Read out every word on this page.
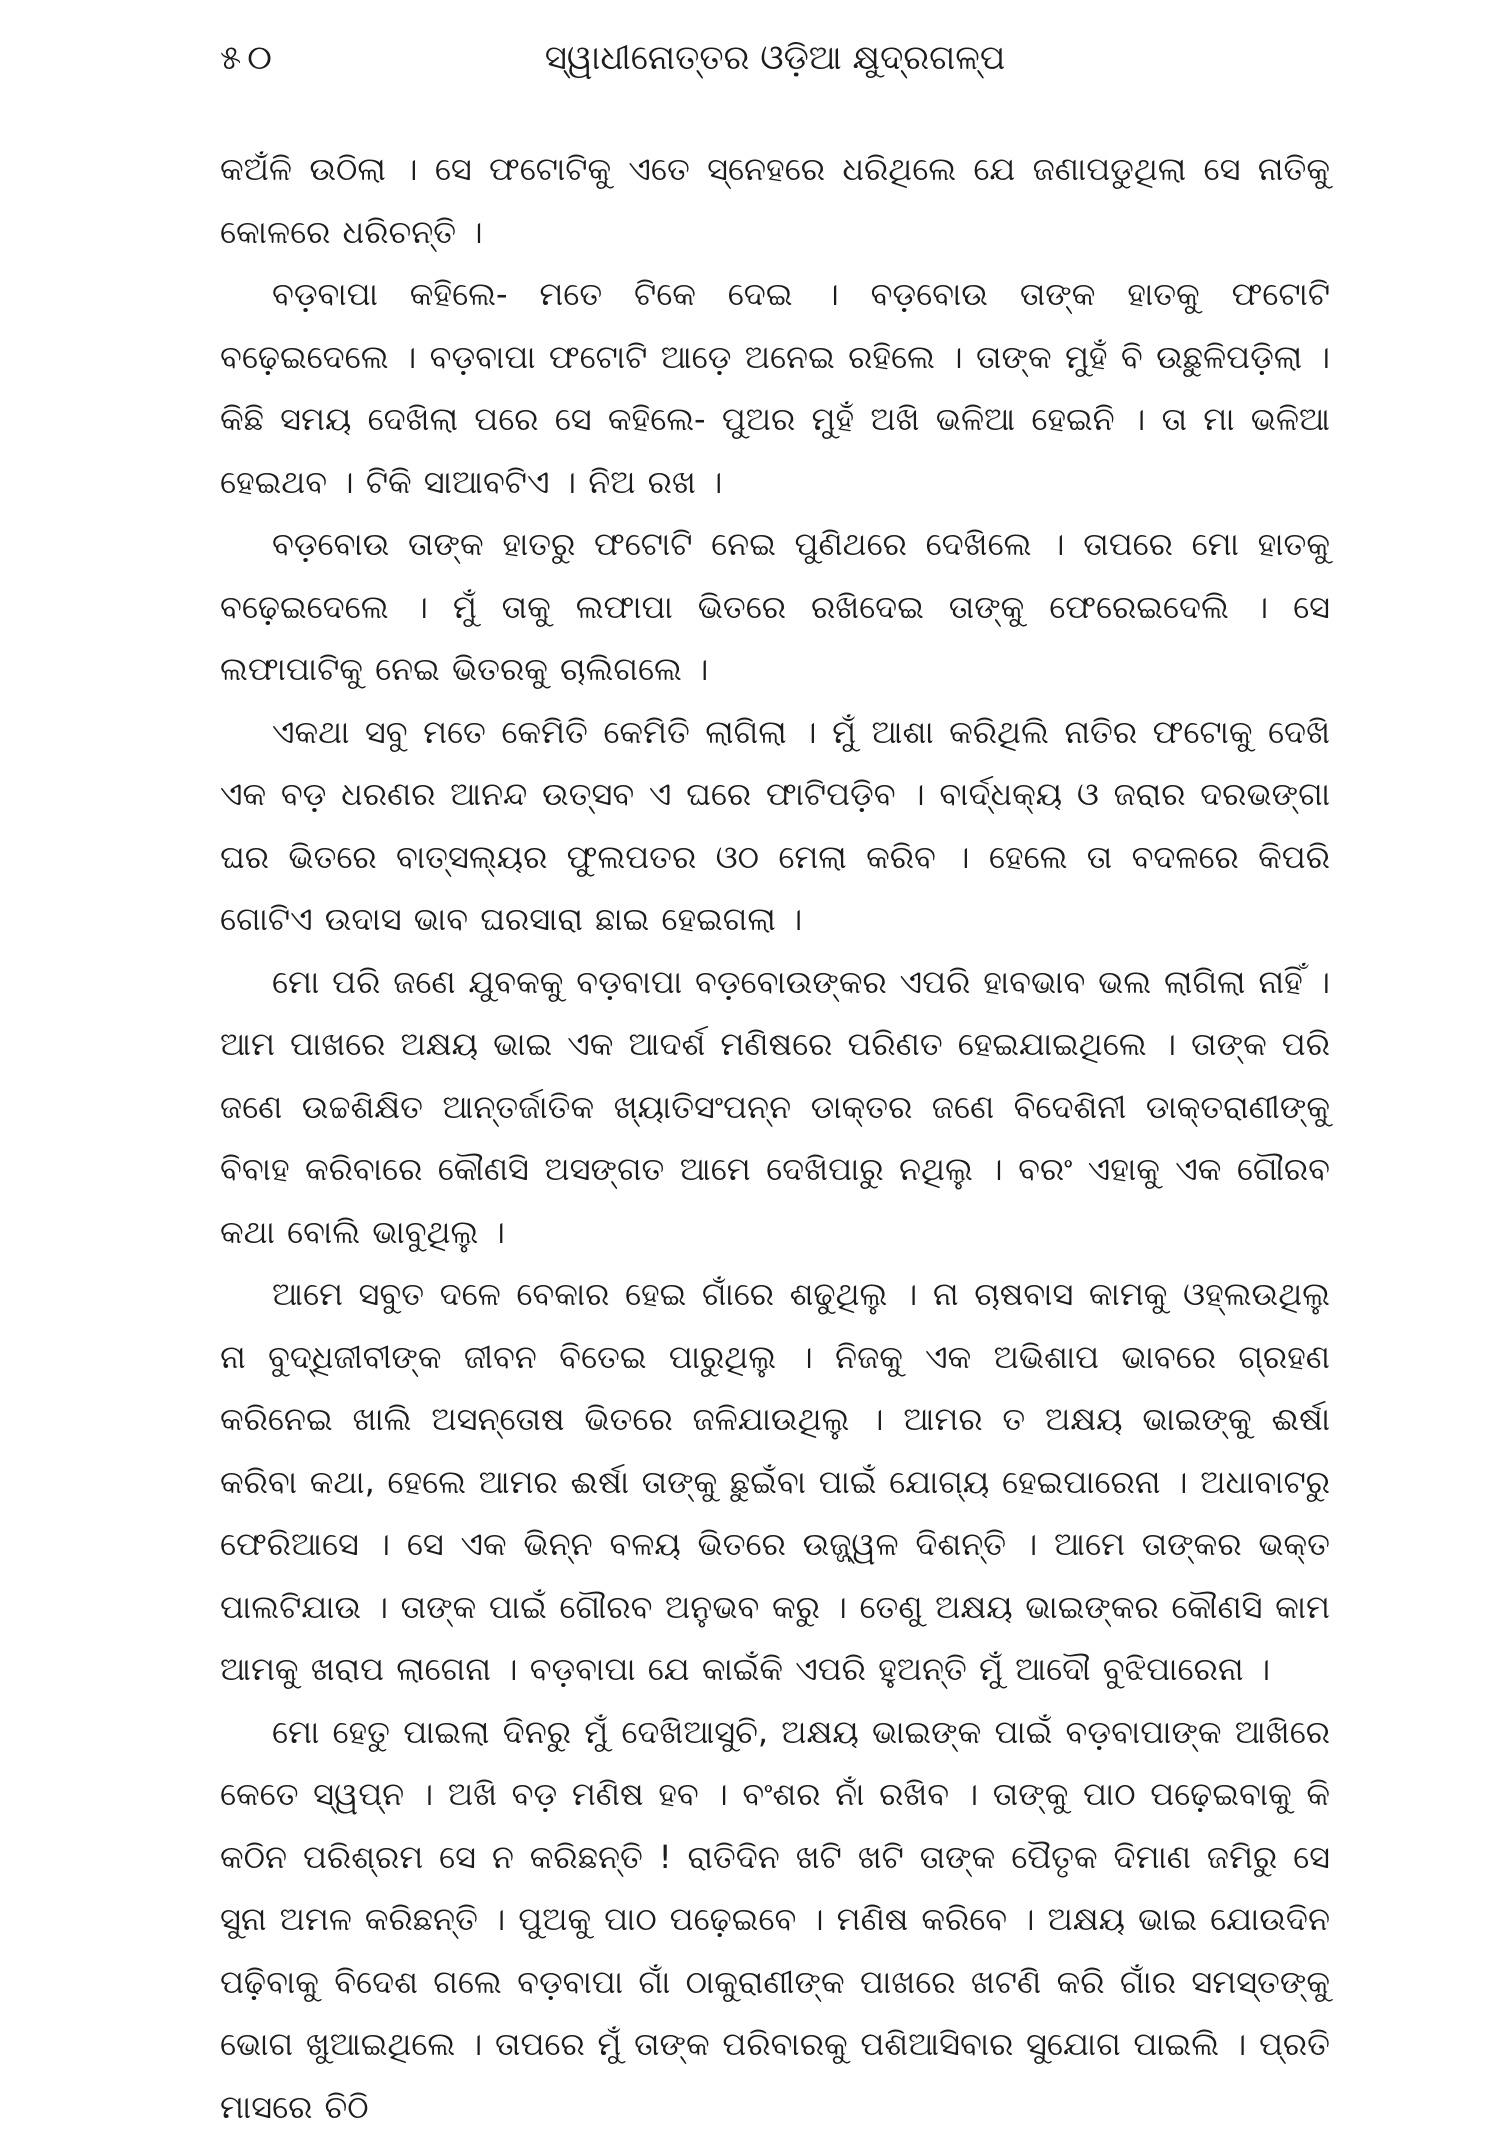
୫୦	ସ୍ୱାଧୀନୋତ୍ତର ଓଡ଼ିଆ କ୍ଷୁଦ୍ରଗଳ୍ପ

କଅଁଳି ଉଠିଲା । ସେ ଫଟୋଟିକୁ ଏତେ ସ୍ନେହରେ ଧରିଥିଲେ ଯେ ଜଣାପଡୁଥିଲା ସେ ନାତିକୁ କୋଳରେ ଧରିଚନ୍ତି ।

ବଡ଼ବାପା କହିଲେ- ମତେ ଟିକେ ଦେଇ । ବଡ଼ବୋଉ ତାଙ୍କ ହାତକୁ ଫଟୋଟି ବଢ଼େଇଦେଲେ । ବଡ଼ବାପା ଫଟୋଟି ଆଡ଼େ ଅନେଇ ରହିଲେ । ତାଙ୍କ ମୁହଁ ବି ଉଛୁଳିପଡ଼ିଲା । କିଛି ସମୟ ଦେଖିଲା ପରେ ସେ କହିଲେ- ପୁଅର ମୁହଁ ଅଖି ଭଳିଆ ହେଇନି । ତା ମା ଭଳିଆ ହେଇଥବ । ଟିକି ସାଆବଟିଏ । ନିଅ ରଖ ।

ବଡ଼ବୋଉ ତାଙ୍କ ହାତରୁ ଫଟୋଟି ନେଇ ପୁଣିଥରେ ଦେଖିଲେ । ତାପରେ ମୋ ହାତକୁ ବଢ଼େଇଦେଲେ । ମୁଁ ତାକୁ ଲଫାପା ଭିତରେ ରଖିଦେଇ ତାଙ୍କୁ ଫେରେଇଦେଲି । ସେ ଲଫାପାଟିକୁ ନେଇ ଭିତରକୁ ଚାଲିଗଲେ ।

ଏକଥା ସବୁ ମତେ କେମିତି କେମିତି ଲାଗିଲା । ମୁଁ ଆଶା କରିଥିଲି ନାତିର ଫଟୋକୁ ଦେଖି ଏକ ବଡ଼ ଧରଣର ଆନନ୍ଦ ଉତ୍ସବ ଏ ଘରେ ଫାଟିପଡ଼ିବ । ବାର୍ଦ୍ଧକ୍ୟ ଓ ଜରାର ଦରଭଙ୍ଗା ଘର ଭିତରେ ବାତ୍ସଲ୍ୟର ଫୁଲପତର ଓଠ ମେଲା କରିବ । ହେଲେ ତା ବଦଳରେ କିପରି ଗୋଟିଏ ଉଦାସ ଭାବ ଘରସାରା ଛାଇ ହେଇଗଲା ।

ମୋ ପରି ଜଣେ ଯୁବକକୁ ବଡ଼ବାପା ବଡ଼ବୋଉଙ୍କର ଏପରି ହାବଭାବ ଭଲ ଲାଗିଲା ନାହିଁ । ଆମ ପାଖରେ ଅକ୍ଷୟ ଭାଇ ଏକ ଆଦର୍ଶ ମଣିଷରେ ପରିଣତ ହେଇଯାଇଥିଲେ । ତାଙ୍କ ପରି ଜଣେ ଉଚ୍ଚଶିକ୍ଷିତ ଆନ୍ତର୍ଜାତିକ ଖ୍ୟାତିସଂପନ୍ନ ଡାକ୍ତର ଜଣେ ବିଦେଶିନୀ ଡାକ୍ତରାଣୀଙ୍କୁ ବିବାହ କରିବାରେ କୌଣସି ଅସଙ୍ଗତ ଆମେ ଦେଖିପାରୁ ନଥିଲୁ । ବରଂ ଏହାକୁ ଏକ ଗୌରବ କଥା ବୋଲି ଭାବୁଥିଲୁ ।

ଆମେ ସବୁତ ଦଳେ ବେକାର ହେଇ ଗାଁରେ ଶଢୁଥିଲୁ । ନା ଚାଷବାସ କାମକୁ ଓହ୍ଲଉଥିଲୁ ନା ବୁଦ୍ଧିଜୀବୀଙ୍କ ଜୀବନ ବିତେଇ ପାରୁଥିଲୁ । ନିଜକୁ ଏକ ଅଭିଶାପ ଭାବରେ ଗ୍ରହଣ କରିନେଇ ଖାଲି ଅସନ୍ତୋଷ ଭିତରେ ଜଳିଯାଉଥିଲୁ । ଆମର ତ ଅକ୍ଷୟ ଭାଇଙ୍କୁ ଈର୍ଷା କରିବା କଥା, ହେଲେ ଆମର ଈର୍ଷା ତାଙ୍କୁ ଛୁଇଁବା ପାଇଁ ଯୋଗ୍ୟ ହେଇପାରେନା । ଅଧାବାଟରୁ ଫେରିଆସେ । ସେ ଏକ ଭିନ୍ନ ବଳୟ ଭିତରେ ଉଜ୍ଜ୍ୱଳ ଦିଶନ୍ତି । ଆମେ ତାଙ୍କର ଭକ୍ତ ପାଲଟିଯାଉ । ତାଙ୍କ ପାଇଁ ଗୌରବ ଅନୁଭବ କରୁ । ତେଣୁ ଅକ୍ଷୟ ଭାଇଙ୍କର କୌଣସି କାମ ଆମକୁ ଖରାପ ଲାଗେନା । ବଡ଼ବାପା ଯେ କାଇଁକି ଏପରି ହୁଅନ୍ତି ମୁଁ ଆଦୌ ବୁଝିପାରେନା ।

ମୋ ହେତୁ ପାଇଲା ଦିନରୁ ମୁଁ ଦେଖିଆସୁଚି, ଅକ୍ଷୟ ଭାଇଙ୍କ ପାଇଁ ବଡ଼ବାପାଙ୍କ ଆଖିରେ କେତେ ସ୍ୱପ୍ନ । ଅଖି ବଡ଼ ମଣିଷ ହବ । ବଂଶର ନାଁ ରଖିବ । ତାଙ୍କୁ ପାଠ ପଢ଼େଇବାକୁ କି କଠିନ ପରିଶ୍ରମ ସେ ନ କରିଛନ୍ତି ! ରାତିଦିନ ଖଟି ଖଟି ତାଙ୍କ ପୈତୃକ ଦିମାଣ ଜମିରୁ ସେ ସୁନା ଅମଳ କରିଛନ୍ତି । ପୁଅକୁ ପାଠ ପଢ଼େଇବେ । ମଣିଷ କରିବେ । ଅକ୍ଷୟ ଭାଇ ଯୋଉଦିନ ପଢ଼ିବାକୁ ବିଦେଶ ଗଲେ ବଡ଼ବାପା ଗାଁ ଠାକୁରାଣୀଙ୍କ ପାଖରେ ଖଟଣି କରି ଗାଁର ସମସ୍ତଙ୍କୁ ଭୋଗ ଖୁଆଇଥିଲେ । ତାପରେ ମୁଁ ତାଙ୍କ ପରିବାରକୁ ପଶିଆସିବାର ସୁଯୋଗ ପାଇଲି । ପ୍ରତି ମାସରେ ଚିଠି
